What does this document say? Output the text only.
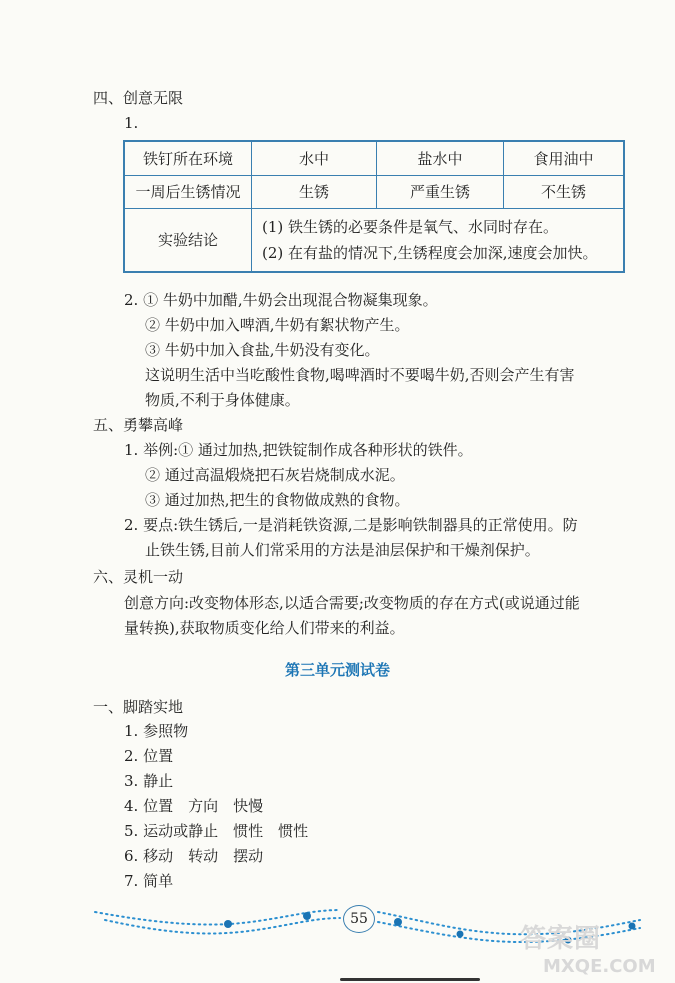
四、创意无限
1.
铁钉所在环境	水中	盐水中	食用油中
一周后生锈情况	生锈	严重生锈	不生锈
实验结论	(1) 铁生锈的必要条件是氧气、水同时存在。
(2) 在有盐的情况下,生锈程度会加深,速度会加快。		
2. ① 牛奶中加醋,牛奶会出现混合物凝集现象。
② 牛奶中加入啤酒,牛奶有絮状物产生。
③ 牛奶中加入食盐,牛奶没有变化。
这说明生活中当吃酸性食物,喝啤酒时不要喝牛奶,否则会产生有害
物质,不利于身体健康。
五、勇攀高峰
1. 举例:① 通过加热,把铁锭制作成各种形状的铁件。
② 通过高温煅烧把石灰岩烧制成水泥。
③ 通过加热,把生的食物做成熟的食物。
2. 要点:铁生锈后,一是消耗铁资源,二是影响铁制器具的正常使用。防
止铁生锈,目前人们常采用的方法是油层保护和干燥剂保护。
六、灵机一动
创意方向:改变物体形态,以适合需要;改变物质的存在方式(或说通过能
量转换),获取物质变化给人们带来的利益。
第三单元测试卷
一、脚踏实地
1. 参照物
2. 位置
3. 静止
4. 位置　方向　快慢
5. 运动或静止　惯性　惯性
6. 移动　转动　摆动
7. 简单
55
答案圈
MXQE.COM
